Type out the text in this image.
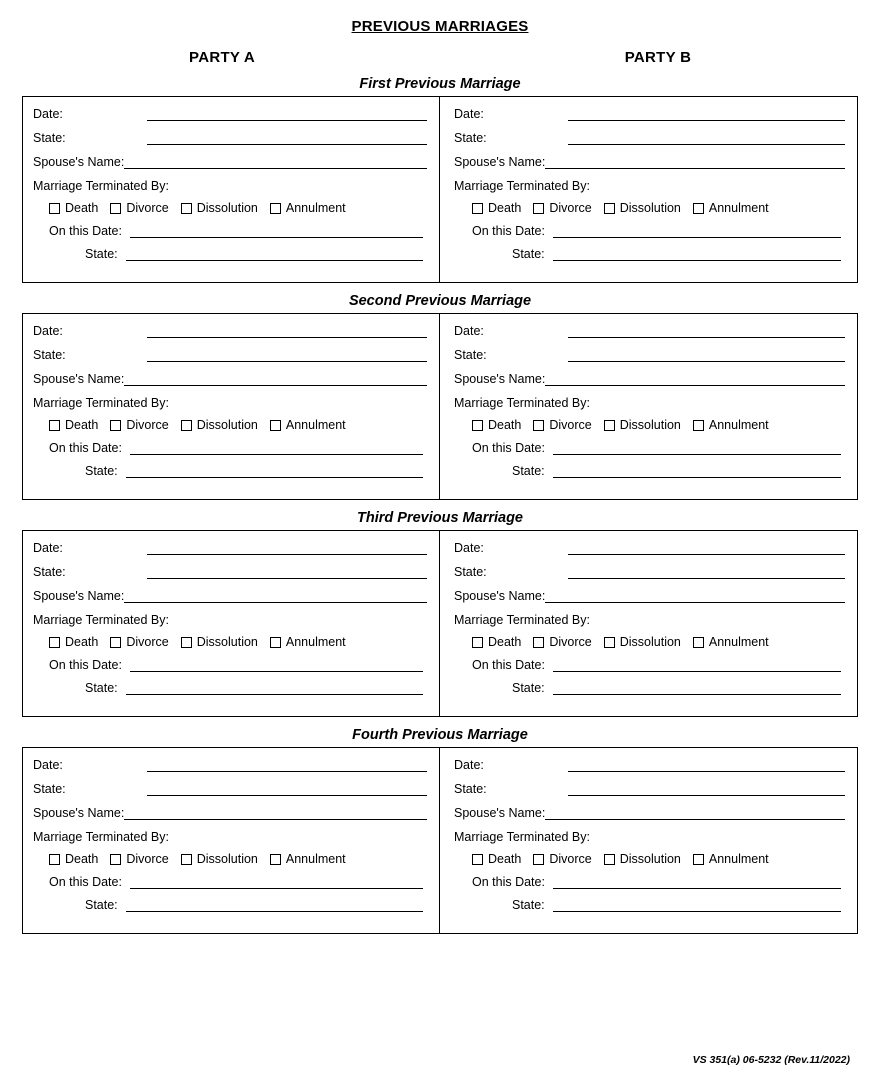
PREVIOUS MARRIAGES
PARTY A	PARTY B
First Previous Marriage
Date:
State:
Spouse's Name:
Marriage Terminated By:
Death Divorce Dissolution Annulment
On this Date:
State:
Date:
State:
Spouse's Name:
Marriage Terminated By:
Death Divorce Dissolution Annulment
On this Date:
State:
Second Previous Marriage
Date:
State:
Spouse's Name:
Marriage Terminated By:
Death Divorce Dissolution Annulment
On this Date:
State:
Date:
State:
Spouse's Name:
Marriage Terminated By:
Death Divorce Dissolution Annulment
On this Date:
State:
Third Previous Marriage
Date:
State:
Spouse's Name:
Marriage Terminated By:
Death Divorce Dissolution Annulment
On this Date:
State:
Date:
State:
Spouse's Name:
Marriage Terminated By:
Death Divorce Dissolution Annulment
On this Date:
State:
Fourth Previous Marriage
Date:
State:
Spouse's Name:
Marriage Terminated By:
Death Divorce Dissolution Annulment
On this Date:
State:
Date:
State:
Spouse's Name:
Marriage Terminated By:
Death Divorce Dissolution Annulment
On this Date:
State:
VS 351(a) 06-5232 (Rev.11/2022)
